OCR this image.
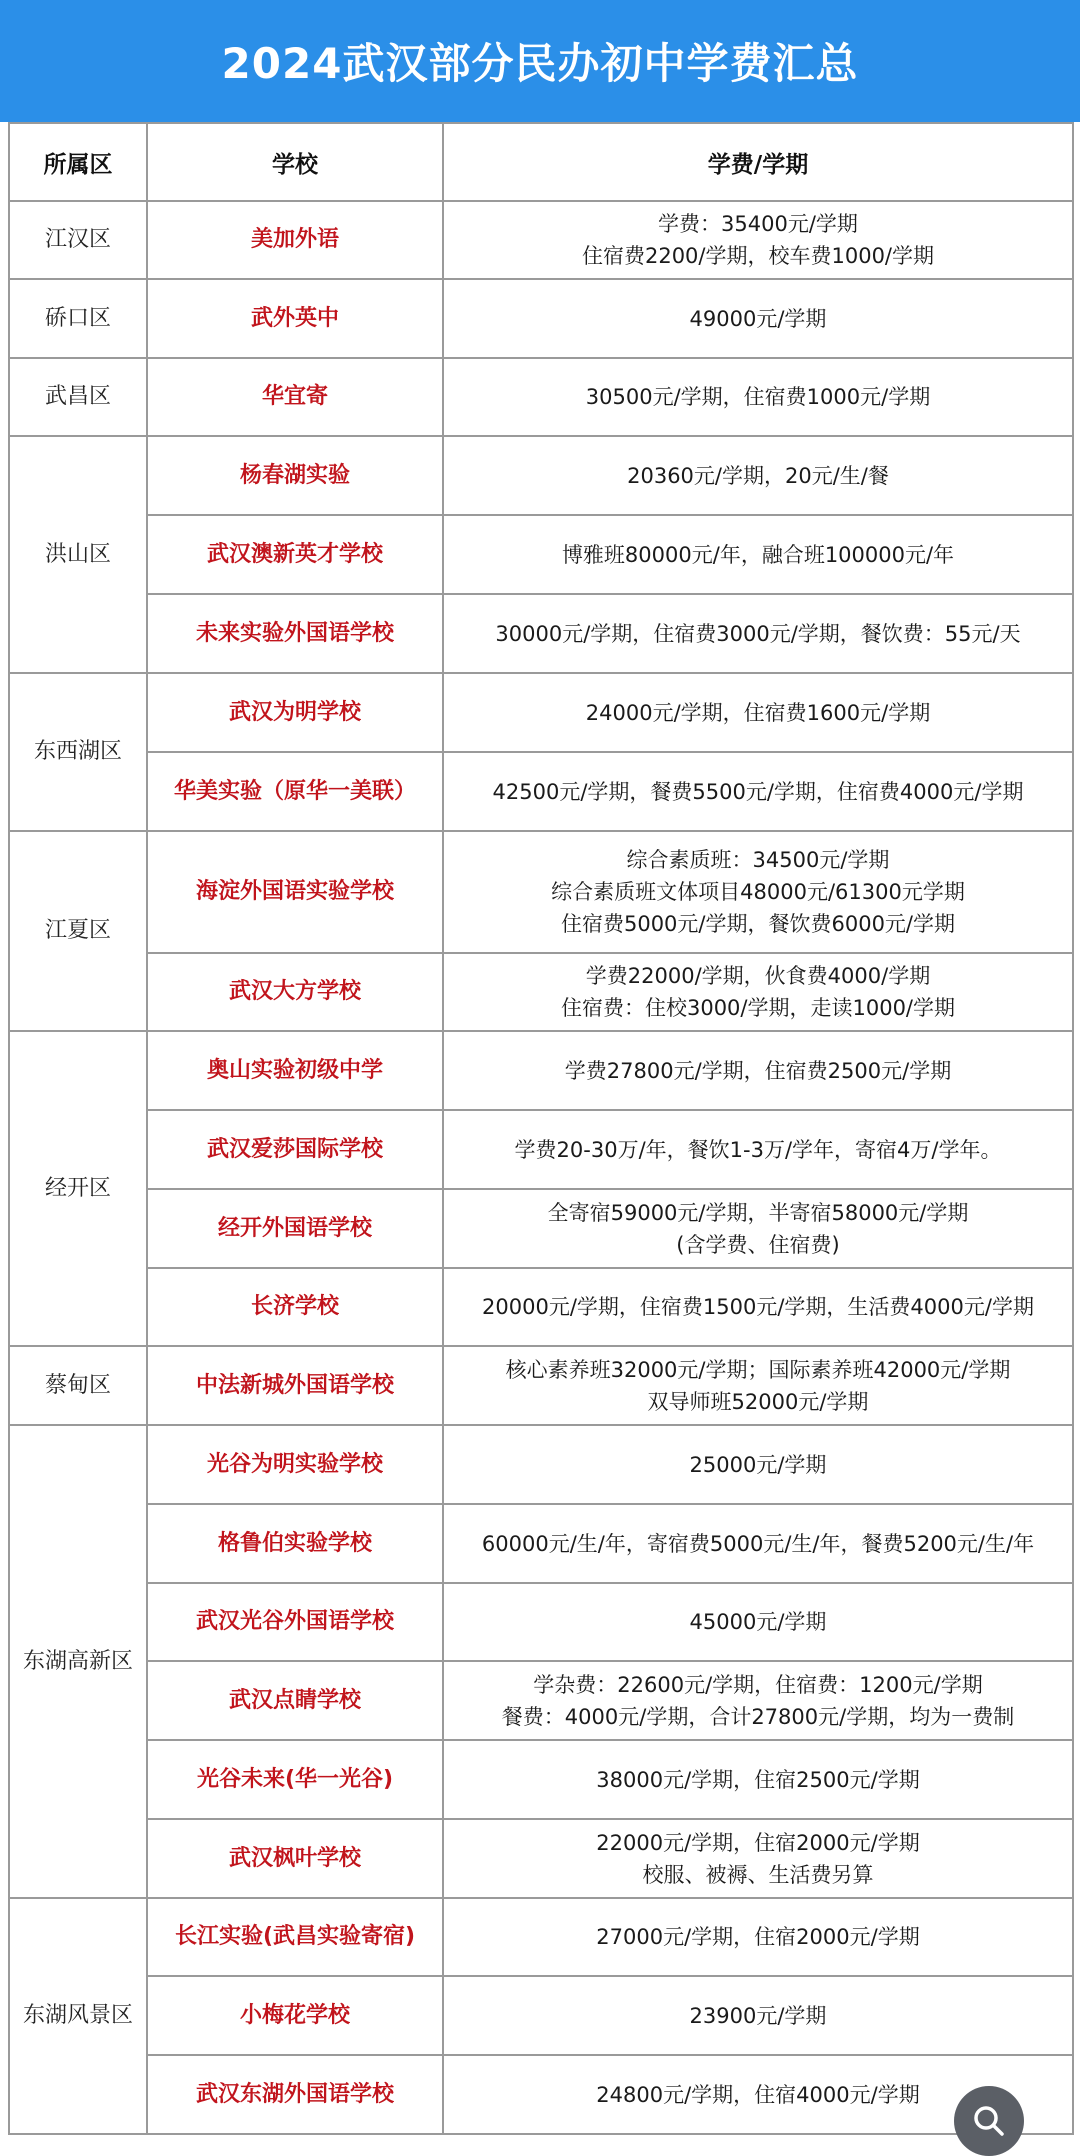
2024武汉部分民办初中学费汇总
所属区	学校	学费/学期
江汉区	美加外语	学费：35400元/学期
住宿费2200/学期，校车费1000/学期

硚口区	武外英中	49000元/学期

武昌区	华宜寄	30500元/学期，住宿费1000元/学期

洪山区	杨春湖实验	20360元/学期，20元/生/餐

	武汉澳新英才学校	博雅班80000元/年，融合班100000元/年

	未来实验外国语学校	30000元/学期，住宿费3000元/学期，餐饮费：55元/天

东西湖区	武汉为明学校	24000元/学期，住宿费1600元/学期

	华美实验（原华一美联）	42500元/学期，餐费5500元/学期，住宿费4000元/学期

江夏区	海淀外国语实验学校	综合素质班：34500元/学期
综合素质班文体项目48000元/61300元学期
住宿费5000元/学期，餐饮费6000元/学期

	武汉大方学校	学费22000/学期，伙食费4000/学期
住宿费：住校3000/学期，走读1000/学期

经开区	奥山实验初级中学	学费27800元/学期，住宿费2500元/学期

	武汉爱莎国际学校	学费20-30万/年，餐饮1-3万/学年，寄宿4万/学年。

	经开外国语学校	全寄宿59000元/学期，半寄宿58000元/学期
(含学费、住宿费)

	长济学校	20000元/学期，住宿费1500元/学期，生活费4000元/学期

蔡甸区	中法新城外国语学校	核心素养班32000元/学期；国际素养班42000元/学期
双导师班52000元/学期

东湖高新区	光谷为明实验学校	25000元/学期

	格鲁伯实验学校	60000元/生/年，寄宿费5000元/生/年，餐费5200元/生/年

	武汉光谷外国语学校	45000元/学期

	武汉点睛学校	学杂费：22600元/学期，住宿费：1200元/学期
餐费：4000元/学期，合计27800元/学期，均为一费制

	光谷未来(华一光谷)	38000元/学期，住宿2500元/学期

	武汉枫叶学校	22000元/学期，住宿2000元/学期
校服、被褥、生活费另算

东湖风景区	长江实验(武昌实验寄宿)	27000元/学期，住宿2000元/学期

	小梅花学校	23900元/学期

	武汉东湖外国语学校	24800元/学期，住宿4000元/学期
